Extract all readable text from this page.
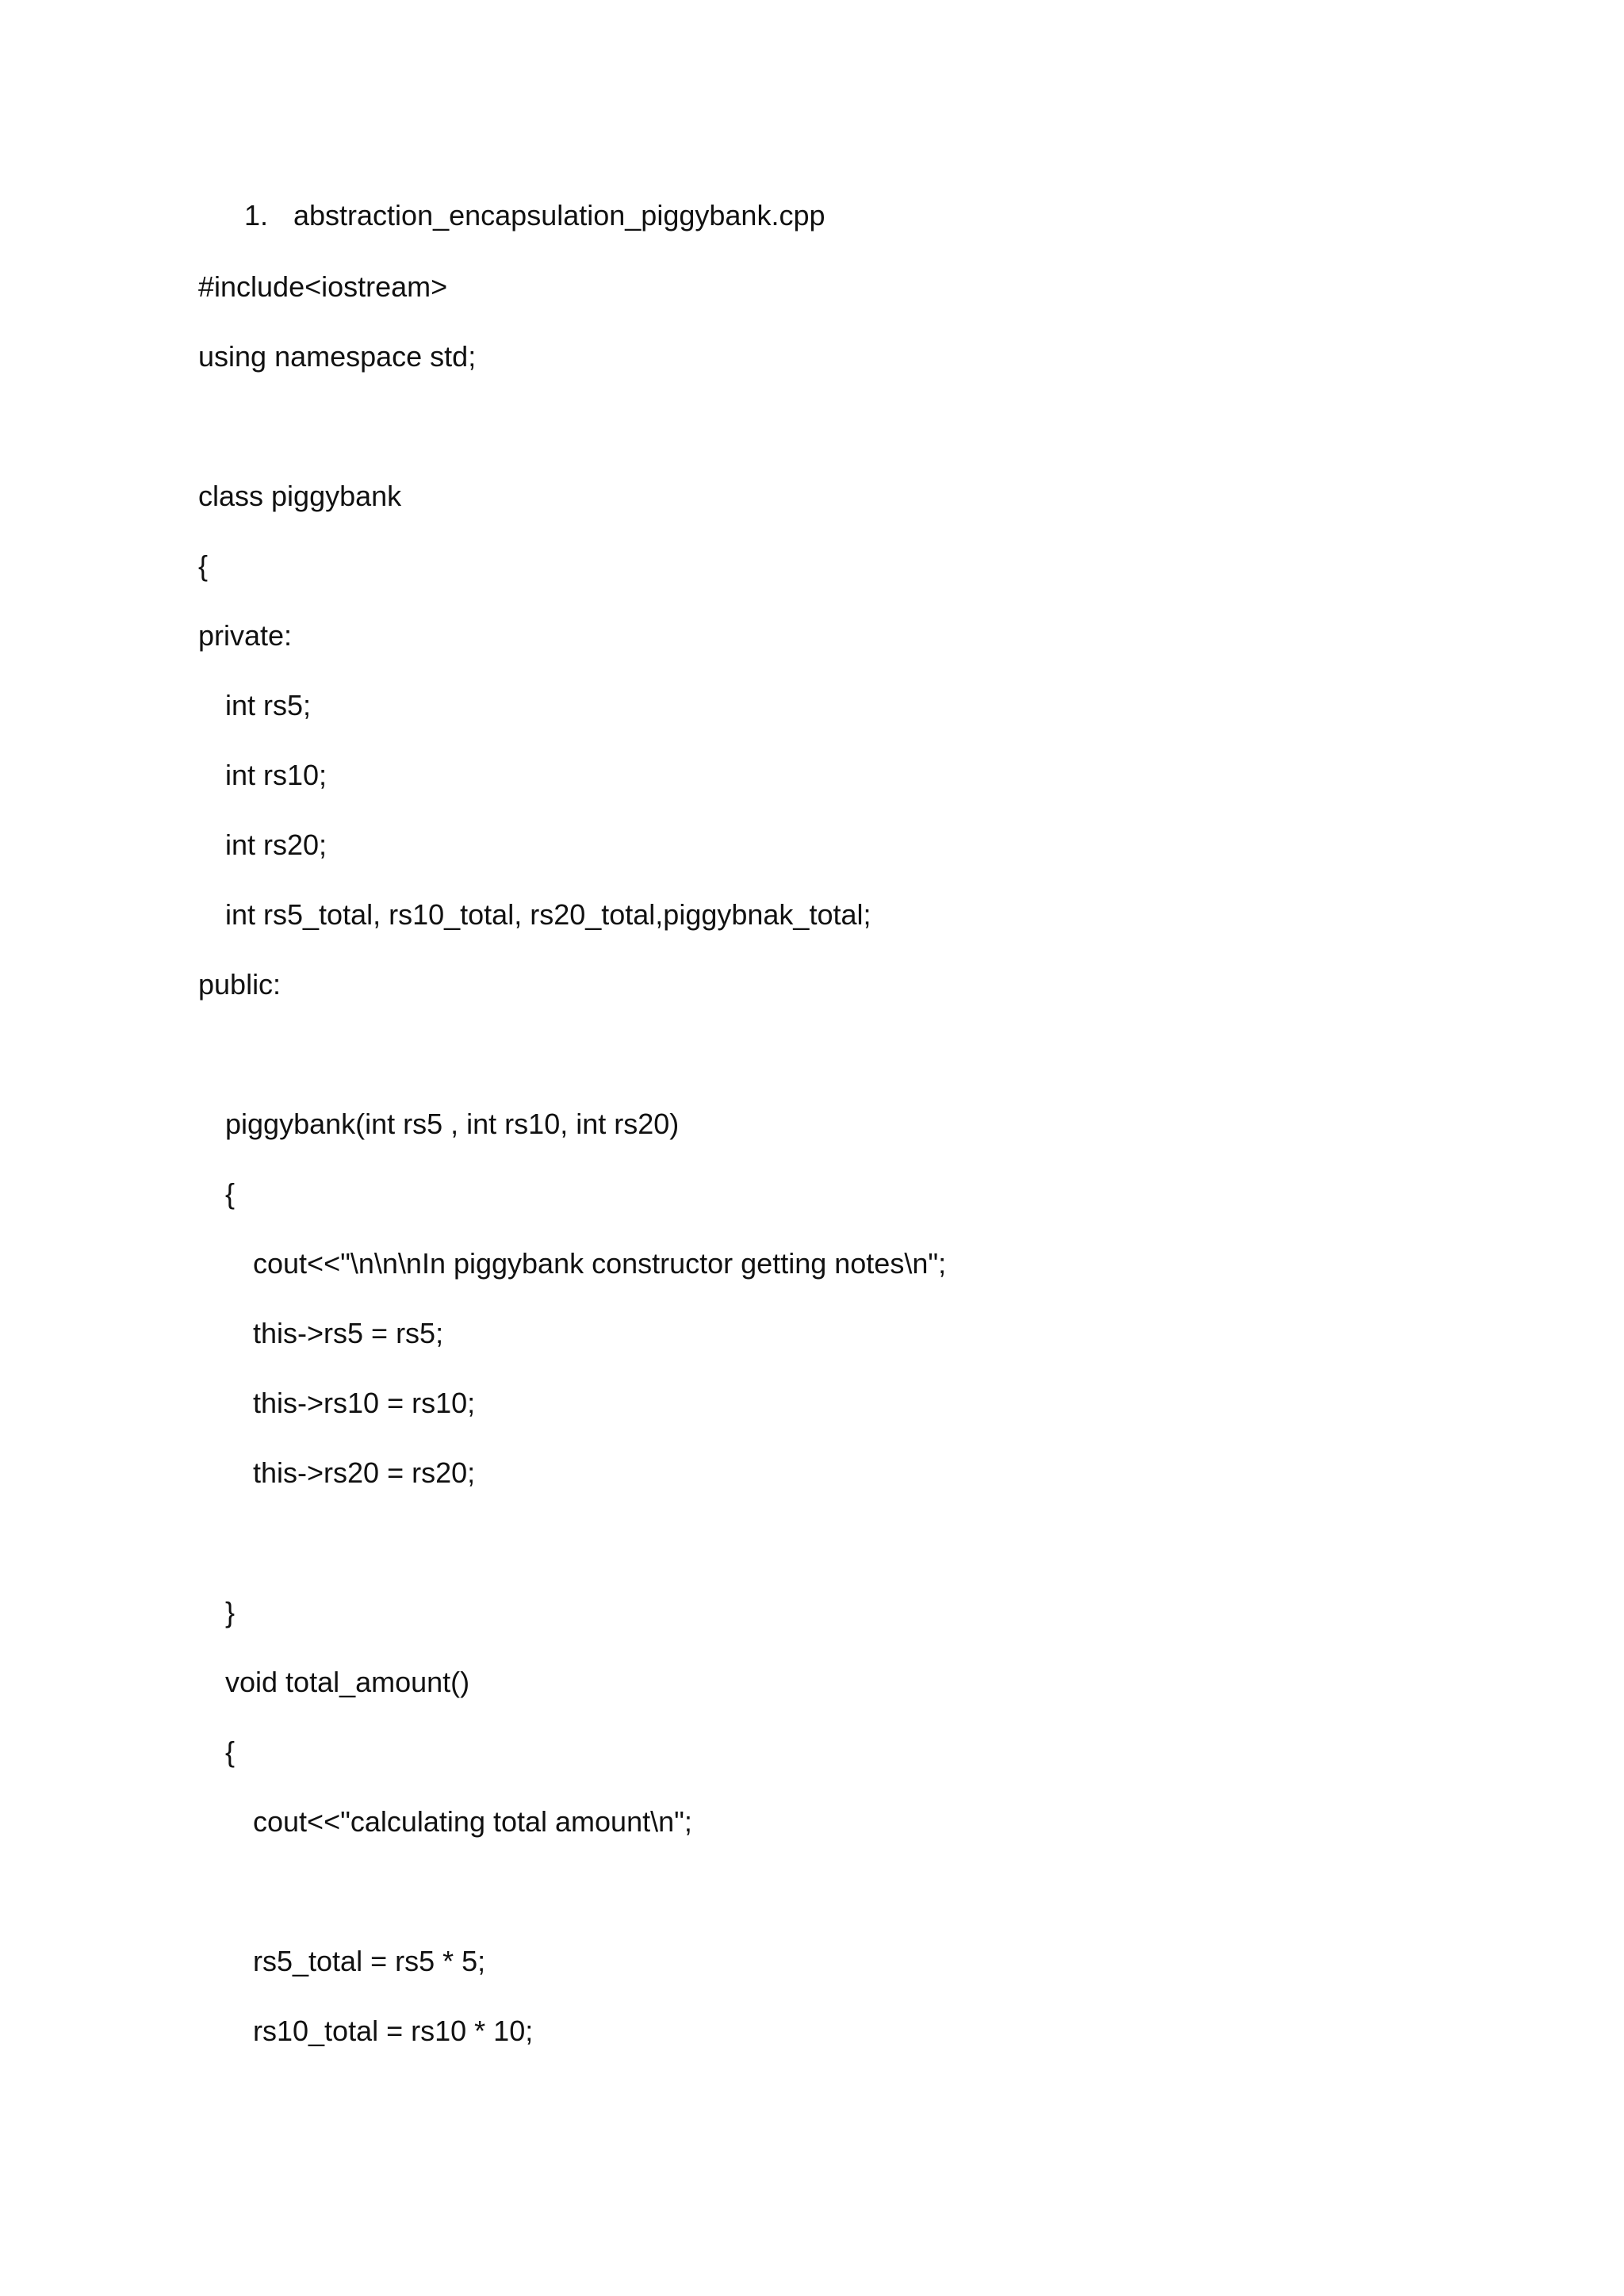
1. abstraction_encapsulation_piggybank.cpp
#include<iostream>
using namespace std;
class piggybank
{
private:
int rs5;
int rs10;
int rs20;
int rs5_total, rs10_total, rs20_total,piggybnak_total;
public:
piggybank(int rs5 , int rs10, int rs20)
{
cout<<"\n\n\nIn piggybank constructor getting notes\n";
this->rs5 = rs5;
this->rs10 = rs10;
this->rs20 = rs20;
}
void total_amount()
{
cout<<"calculating total amount\n";
rs5_total = rs5 * 5;
rs10_total = rs10 * 10;
